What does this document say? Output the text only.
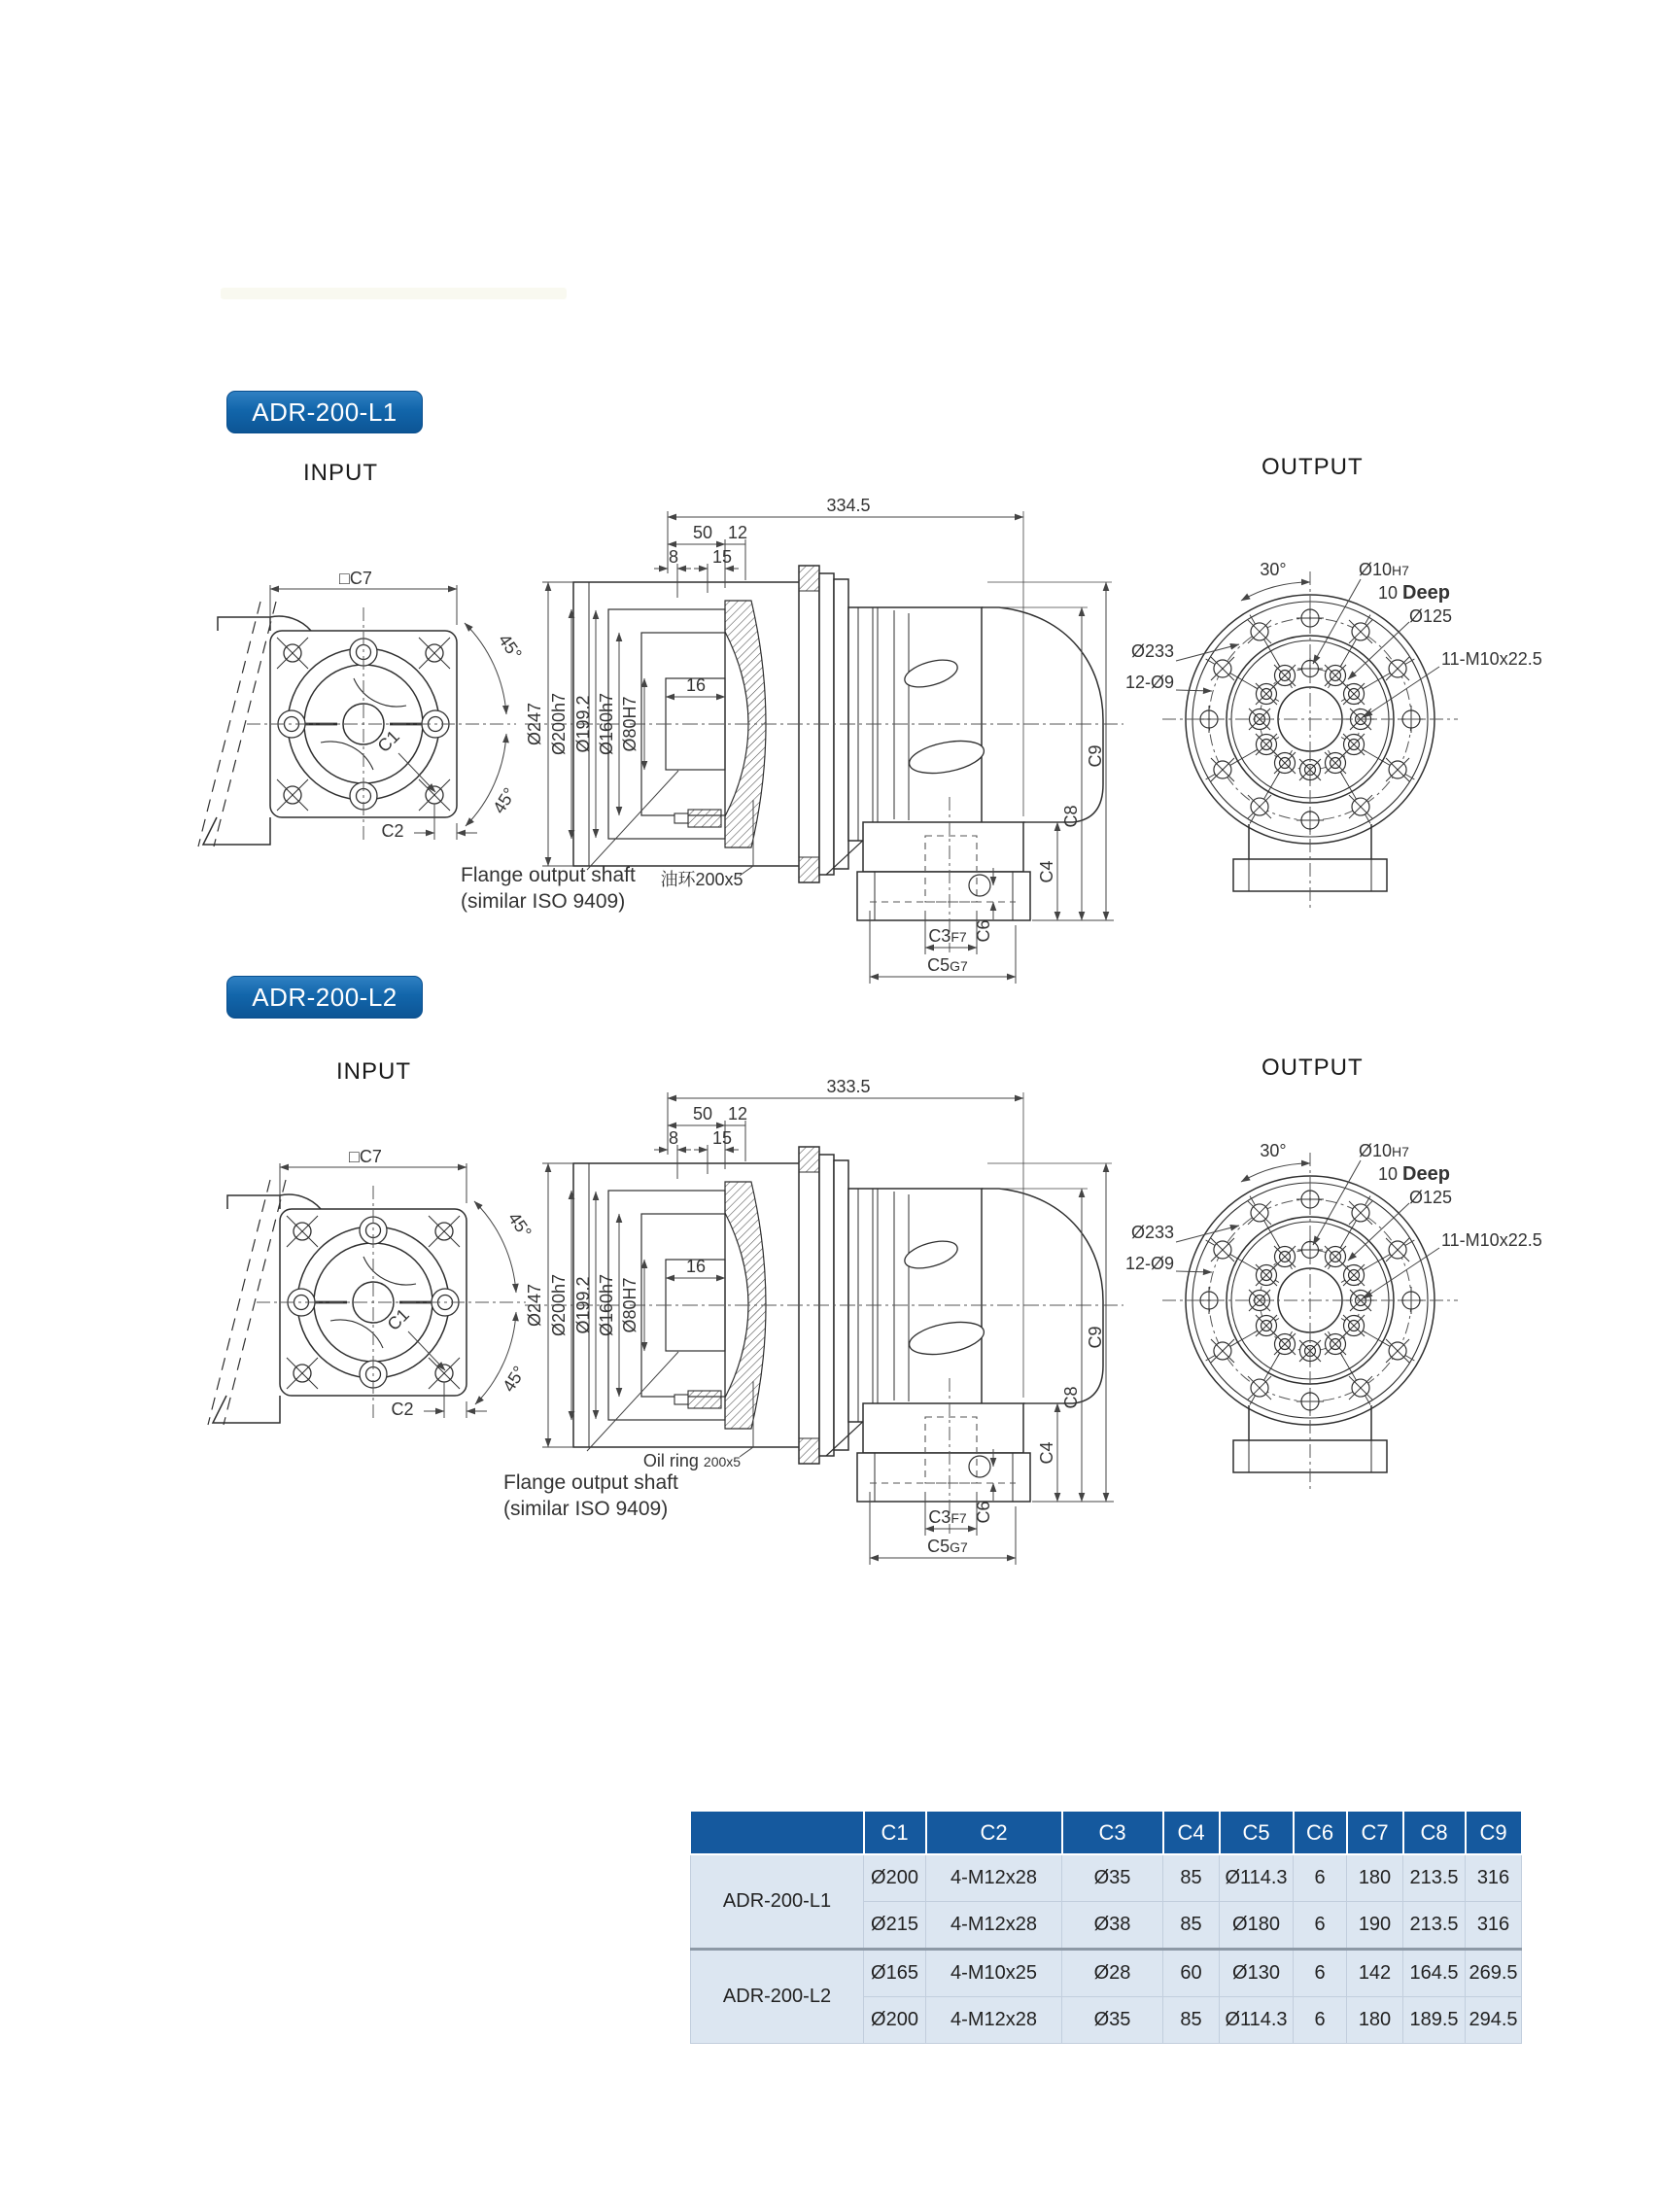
ADR-200-L1
INPUT	OUTPUT
ADR-200-L2
INPUT	OUTPUT
□C7
45°
45°
C1
C2
Ø247 Ø200h7 Ø199.2 Ø160h7 Ø80H7
16
334.5
50 12
8 15
C3F7
C5G7
C6
C4
C8
C9
油环200x5
Flange output shaft
(similar ISO 9409)
30°	Ø10H7
10 Deep
Ø125
Ø233
12-Ø9
11-M10x22.5
□C7
45°
45°
C1
C2
Ø247 Ø200h7 Ø199.2 Ø160h7 Ø80H7
16
333.5
50 12
8 15
C3F7
C5G7
C6
C4
C8
C9
Oil ring 200x5
Flange output shaft
(similar ISO 9409)
30°	Ø10H7
10 Deep
Ø125
Ø233
12-Ø9
11-M10x22.5
	C1	C2	C3	C4	C5	C6	C7	C8	C9
ADR-200-L1	Ø200	4-M12x28	Ø35	85	Ø114.3	6	180	213.5	316
	Ø215	4-M12x28	Ø38	85	Ø180	6	190	213.5	316
ADR-200-L2	Ø165	4-M10x25	Ø28	60	Ø130	6	142	164.5	269.5
	Ø200	4-M12x28	Ø35	85	Ø114.3	6	180	189.5	294.5
